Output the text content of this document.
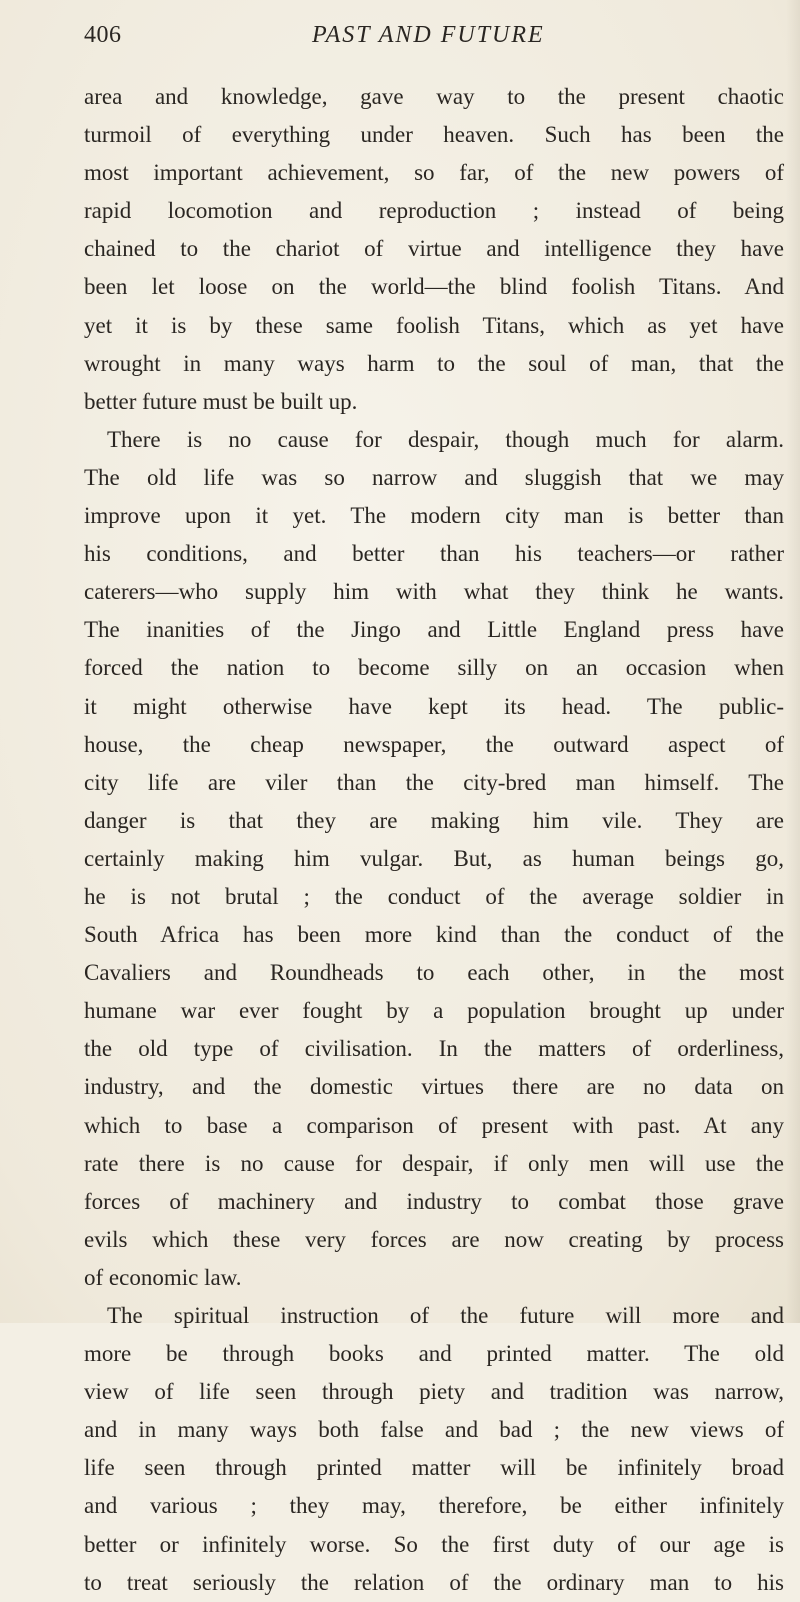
406	PAST AND FUTURE
area and knowledge, gave way to the present chaotic
turmoil of everything under heaven. Such has been the
most important achievement, so far, of the new powers of
rapid locomotion and reproduction ; instead of being
chained to the chariot of virtue and intelligence they have
been let loose on the world—the blind foolish Titans. And
yet it is by these same foolish Titans, which as yet have
wrought in many ways harm to the soul of man, that the
better future must be built up.
There is no cause for despair, though much for alarm.
The old life was so narrow and sluggish that we may
improve upon it yet. The modern city man is better than
his conditions, and better than his teachers—or rather
caterers—who supply him with what they think he wants.
The inanities of the Jingo and Little England press have
forced the nation to become silly on an occasion when
it might otherwise have kept its head. The public-
house, the cheap newspaper, the outward aspect of
city life are viler than the city-bred man himself. The
danger is that they are making him vile. They are
certainly making him vulgar. But, as human beings go,
he is not brutal ; the conduct of the average soldier in
South Africa has been more kind than the conduct of the
Cavaliers and Roundheads to each other, in the most
humane war ever fought by a population brought up under
the old type of civilisation. In the matters of orderliness,
industry, and the domestic virtues there are no data on
which to base a comparison of present with past. At any
rate there is no cause for despair, if only men will use the
forces of machinery and industry to combat those grave
evils which these very forces are now creating by process
of economic law.
The spiritual instruction of the future will more and
more be through books and printed matter. The old
view of life seen through piety and tradition was narrow,
and in many ways both false and bad ; the new views of
life seen through printed matter will be infinitely broad
and various ; they may, therefore, be either infinitely
better or infinitely worse. So the first duty of our age is
to treat seriously the relation of the ordinary man to his
